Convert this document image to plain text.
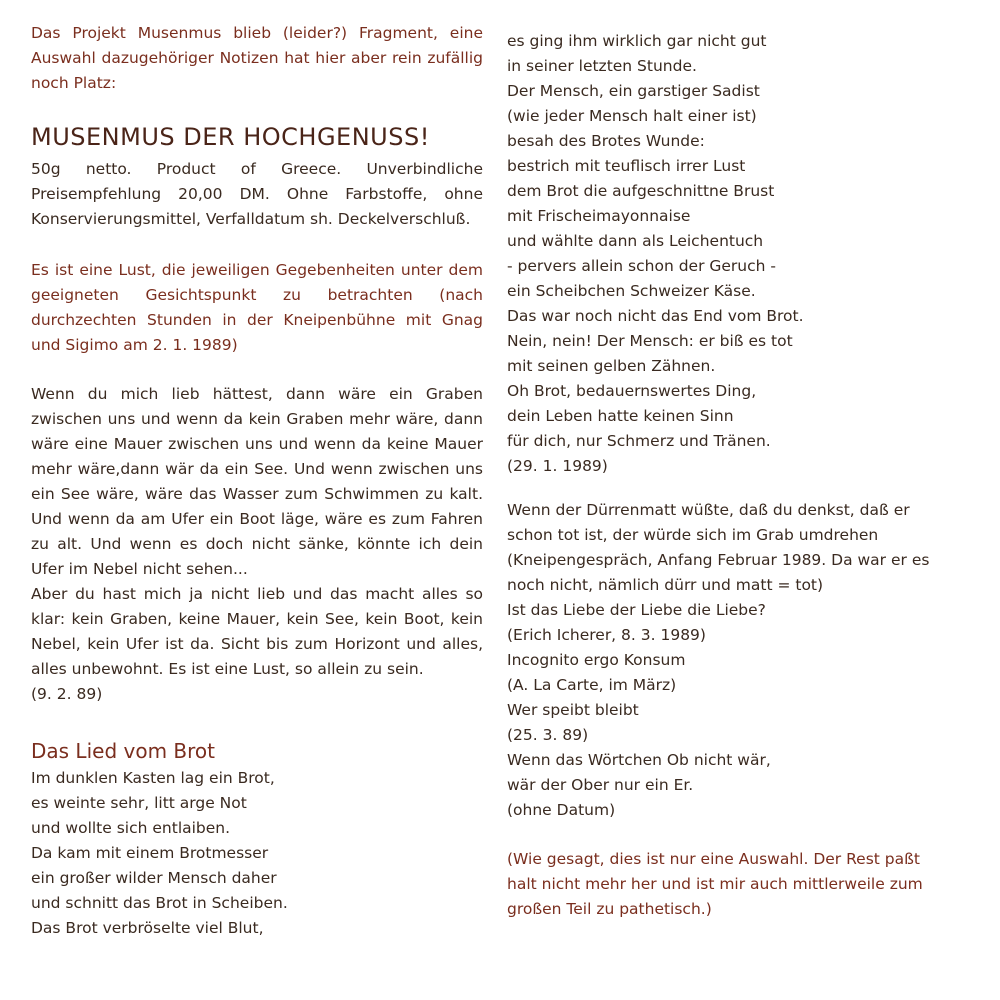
Das Projekt Musenmus blieb (leider?) Fragment, eine Auswahl dazugehöriger Notizen hat hier aber rein zufällig noch Platz:

MUSENMUS DER HOCHGENUSS!

50g netto. Product of Greece. Unverbindliche Preisempfehlung 20,00 DM. Ohne Farbstoffe, ohne Konservierungsmittel, Verfalldatum sh. Deckelverschluß.

Es ist eine Lust, die jeweiligen Gegebenheiten unter dem geeigneten Gesichtspunkt zu betrachten (nach durchzechten Stunden in der Kneipenbühne mit Gnag und Sigimo am 2. 1. 1989)

Wenn du mich lieb hättest, dann wäre ein Graben zwischen uns und wenn da kein Graben mehr wäre, dann wäre eine Mauer zwischen uns und wenn da keine Mauer mehr wäre,dann wär da ein See. Und wenn zwischen uns ein See wäre, wäre das Wasser zum Schwimmen zu kalt. Und wenn da am Ufer ein Boot läge, wäre es zum Fahren zu alt. Und wenn es doch nicht sänke, könnte ich dein Ufer im Nebel nicht sehen...

Aber du hast mich ja nicht lieb und das macht alles so klar: kein Graben, keine Mauer, kein See, kein Boot, kein Nebel, kein Ufer ist da. Sicht bis zum Horizont und alles, alles unbewohnt. Es ist eine Lust, so allein zu sein.

(9. 2. 89)

Das Lied vom Brot
Im dunklen Kasten lag ein Brot,
es weinte sehr, litt arge Not
und wollte sich entlaiben.
Da kam mit einem Brotmesser
ein großer wilder Mensch daher
und schnitt das Brot in Scheiben.
Das Brot verbröselte viel Blut,
es ging ihm wirklich gar nicht gut
in seiner letzten Stunde.
Der Mensch, ein garstiger Sadist
(wie jeder Mensch halt einer ist)
besah des Brotes Wunde:
bestrich mit teuflisch irrer Lust
dem Brot die aufgeschnittne Brust
mit Frischeimayonnaise
und wählte dann als Leichentuch
- pervers allein schon der Geruch -
ein Scheibchen Schweizer Käse.
Das war noch nicht das End vom Brot.
Nein, nein! Der Mensch: er biß es tot
mit seinen gelben Zähnen.
Oh Brot, bedauernswertes Ding,
dein Leben hatte keinen Sinn
für dich, nur Schmerz und Tränen.
(29. 1. 1989)
Wenn der Dürrenmatt wüßte, daß du denkst, daß er
schon tot ist, der würde sich im Grab umdrehen
(Kneipengespräch, Anfang Februar 1989. Da war er es
noch nicht, nämlich dürr und matt = tot)
Ist das Liebe der Liebe die Liebe?
(Erich Icherer, 8. 3. 1989)
Incognito ergo Konsum
(A. La Carte, im März)
Wer speibt bleibt
(25. 3. 89)
Wenn das Wörtchen Ob nicht wär,
wär der Ober nur ein Er.
(ohne Datum)
(Wie gesagt, dies ist nur eine Auswahl. Der Rest paßt
halt nicht mehr her und ist mir auch mittlerweile zum
großen Teil zu pathetisch.)
